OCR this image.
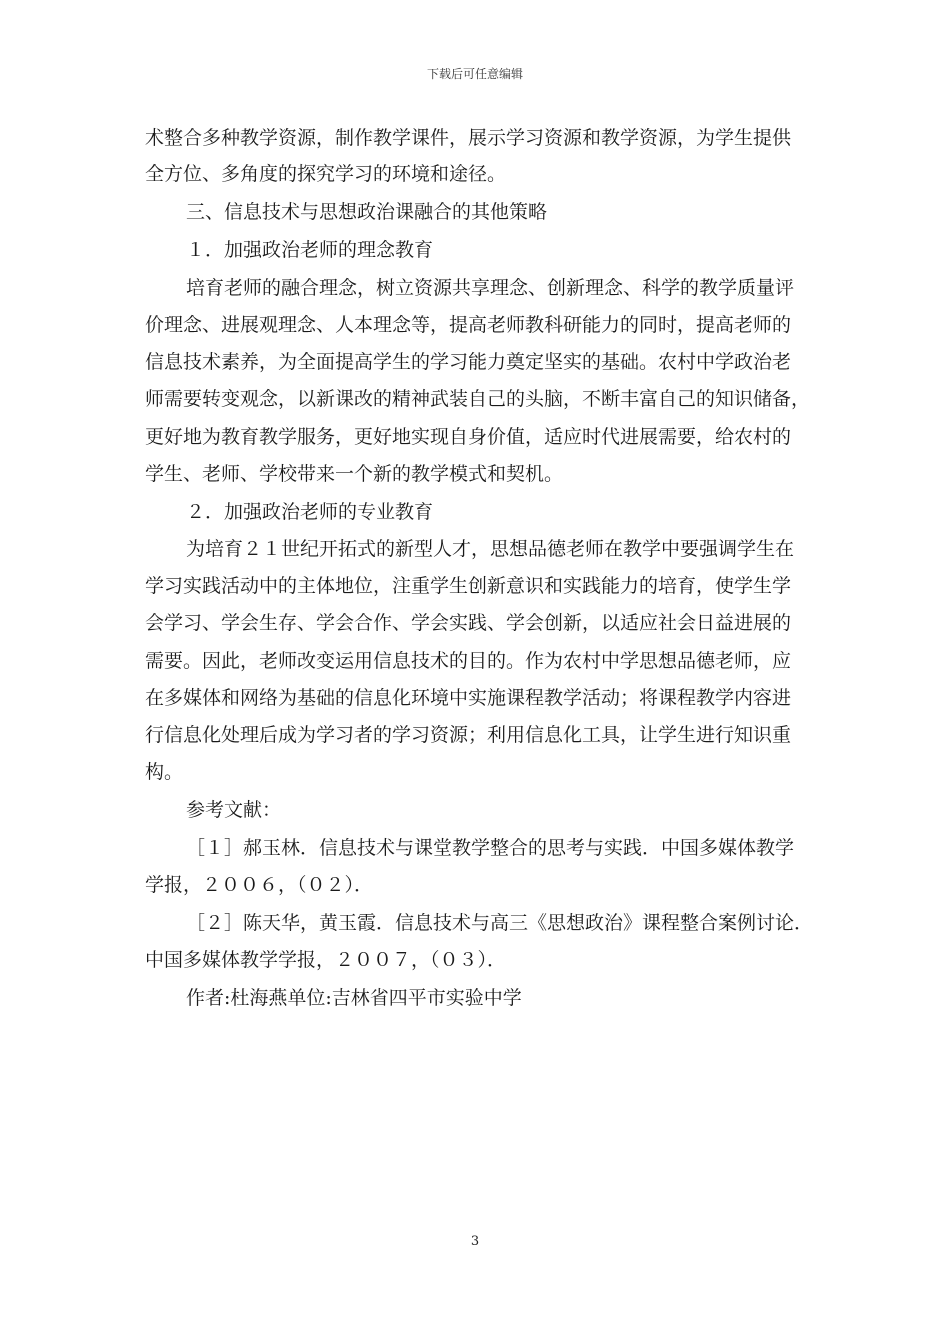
下载后可任意编辑
术整合多种教学资源，制作教学课件，展示学习资源和教学资源，为学生提供
全方位、多角度的探究学习的环境和途径。
三、信息技术与思想政治课融合的其他策略
１．加强政治老师的理念教育
培育老师的融合理念，树立资源共享理念、创新理念、科学的教学质量评
价理念、进展观理念、人本理念等，提高老师教科研能力的同时，提高老师的
信息技术素养，为全面提高学生的学习能力奠定坚实的基础。农村中学政治老
师需要转变观念，以新课改的精神武装自己的头脑，不断丰富自己的知识储备，
更好地为教育教学服务，更好地实现自身价值，适应时代进展需要，给农村的
学生、老师、学校带来一个新的教学模式和契机。
２．加强政治老师的专业教育
为培育２１世纪开拓式的新型人才，思想品德老师在教学中要强调学生在
学习实践活动中的主体地位，注重学生创新意识和实践能力的培育，使学生学
会学习、学会生存、学会合作、学会实践、学会创新，以适应社会日益进展的
需要。因此，老师改变运用信息技术的目的。作为农村中学思想品德老师，应
在多媒体和网络为基础的信息化环境中实施课程教学活动；将课程教学内容进
行信息化处理后成为学习者的学习资源；利用信息化工具，让学生进行知识重
构。
参考文献：
［１］郝玉林．信息技术与课堂教学整合的思考与实践．中国多媒体教学
学报，２００６，（０２）．
［２］陈天华，黄玉霞．信息技术与高三《思想政治》课程整合案例讨论．
中国多媒体教学学报，２００７，（０３）．
作者:杜海燕单位:吉林省四平市实验中学
3
